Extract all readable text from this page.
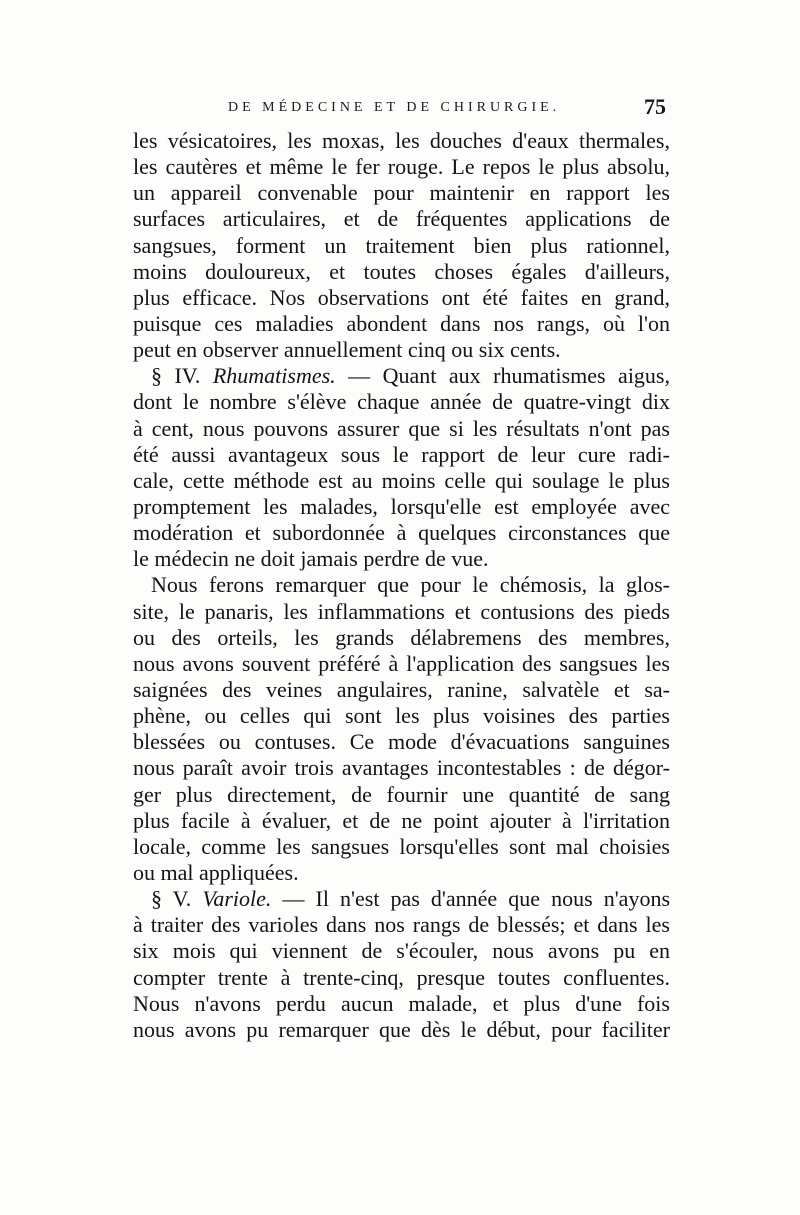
DE MÉDECINE ET DE CHIRURGIE.	75
les vésicatoires, les moxas, les douches d'eaux thermales,
les cautères et même le fer rouge. Le repos le plus absolu,
un appareil convenable pour maintenir en rapport les
surfaces articulaires, et de fréquentes applications de
sangsues, forment un traitement bien plus rationnel,
moins douloureux, et toutes choses égales d'ailleurs,
plus efficace. Nos observations ont été faites en grand,
puisque ces maladies abondent dans nos rangs, où l'on
peut en observer annuellement cinq ou six cents.
§ IV. Rhumatismes. — Quant aux rhumatismes aigus,
dont le nombre s'élève chaque année de quatre-vingt dix
à cent, nous pouvons assurer que si les résultats n'ont pas
été aussi avantageux sous le rapport de leur cure radi-
cale, cette méthode est au moins celle qui soulage le plus
promptement les malades, lorsqu'elle est employée avec
modération et subordonnée à quelques circonstances que
le médecin ne doit jamais perdre de vue.
Nous ferons remarquer que pour le chémosis, la glos-
site, le panaris, les inflammations et contusions des pieds
ou des orteils, les grands délabremens des membres,
nous avons souvent préféré à l'application des sangsues les
saignées des veines angulaires, ranine, salvatèle et sa-
phène, ou celles qui sont les plus voisines des parties
blessées ou contuses. Ce mode d'évacuations sanguines
nous paraît avoir trois avantages incontestables : de dégor-
ger plus directement, de fournir une quantité de sang
plus facile à évaluer, et de ne point ajouter à l'irritation
locale, comme les sangsues lorsqu'elles sont mal choisies
ou mal appliquées.
§ V. Variole. — Il n'est pas d'année que nous n'ayons
à traiter des varioles dans nos rangs de blessés; et dans les
six mois qui viennent de s'écouler, nous avons pu en
compter trente à trente-cinq, presque toutes confluentes.
Nous n'avons perdu aucun malade, et plus d'une fois
nous avons pu remarquer que dès le début, pour faciliter
